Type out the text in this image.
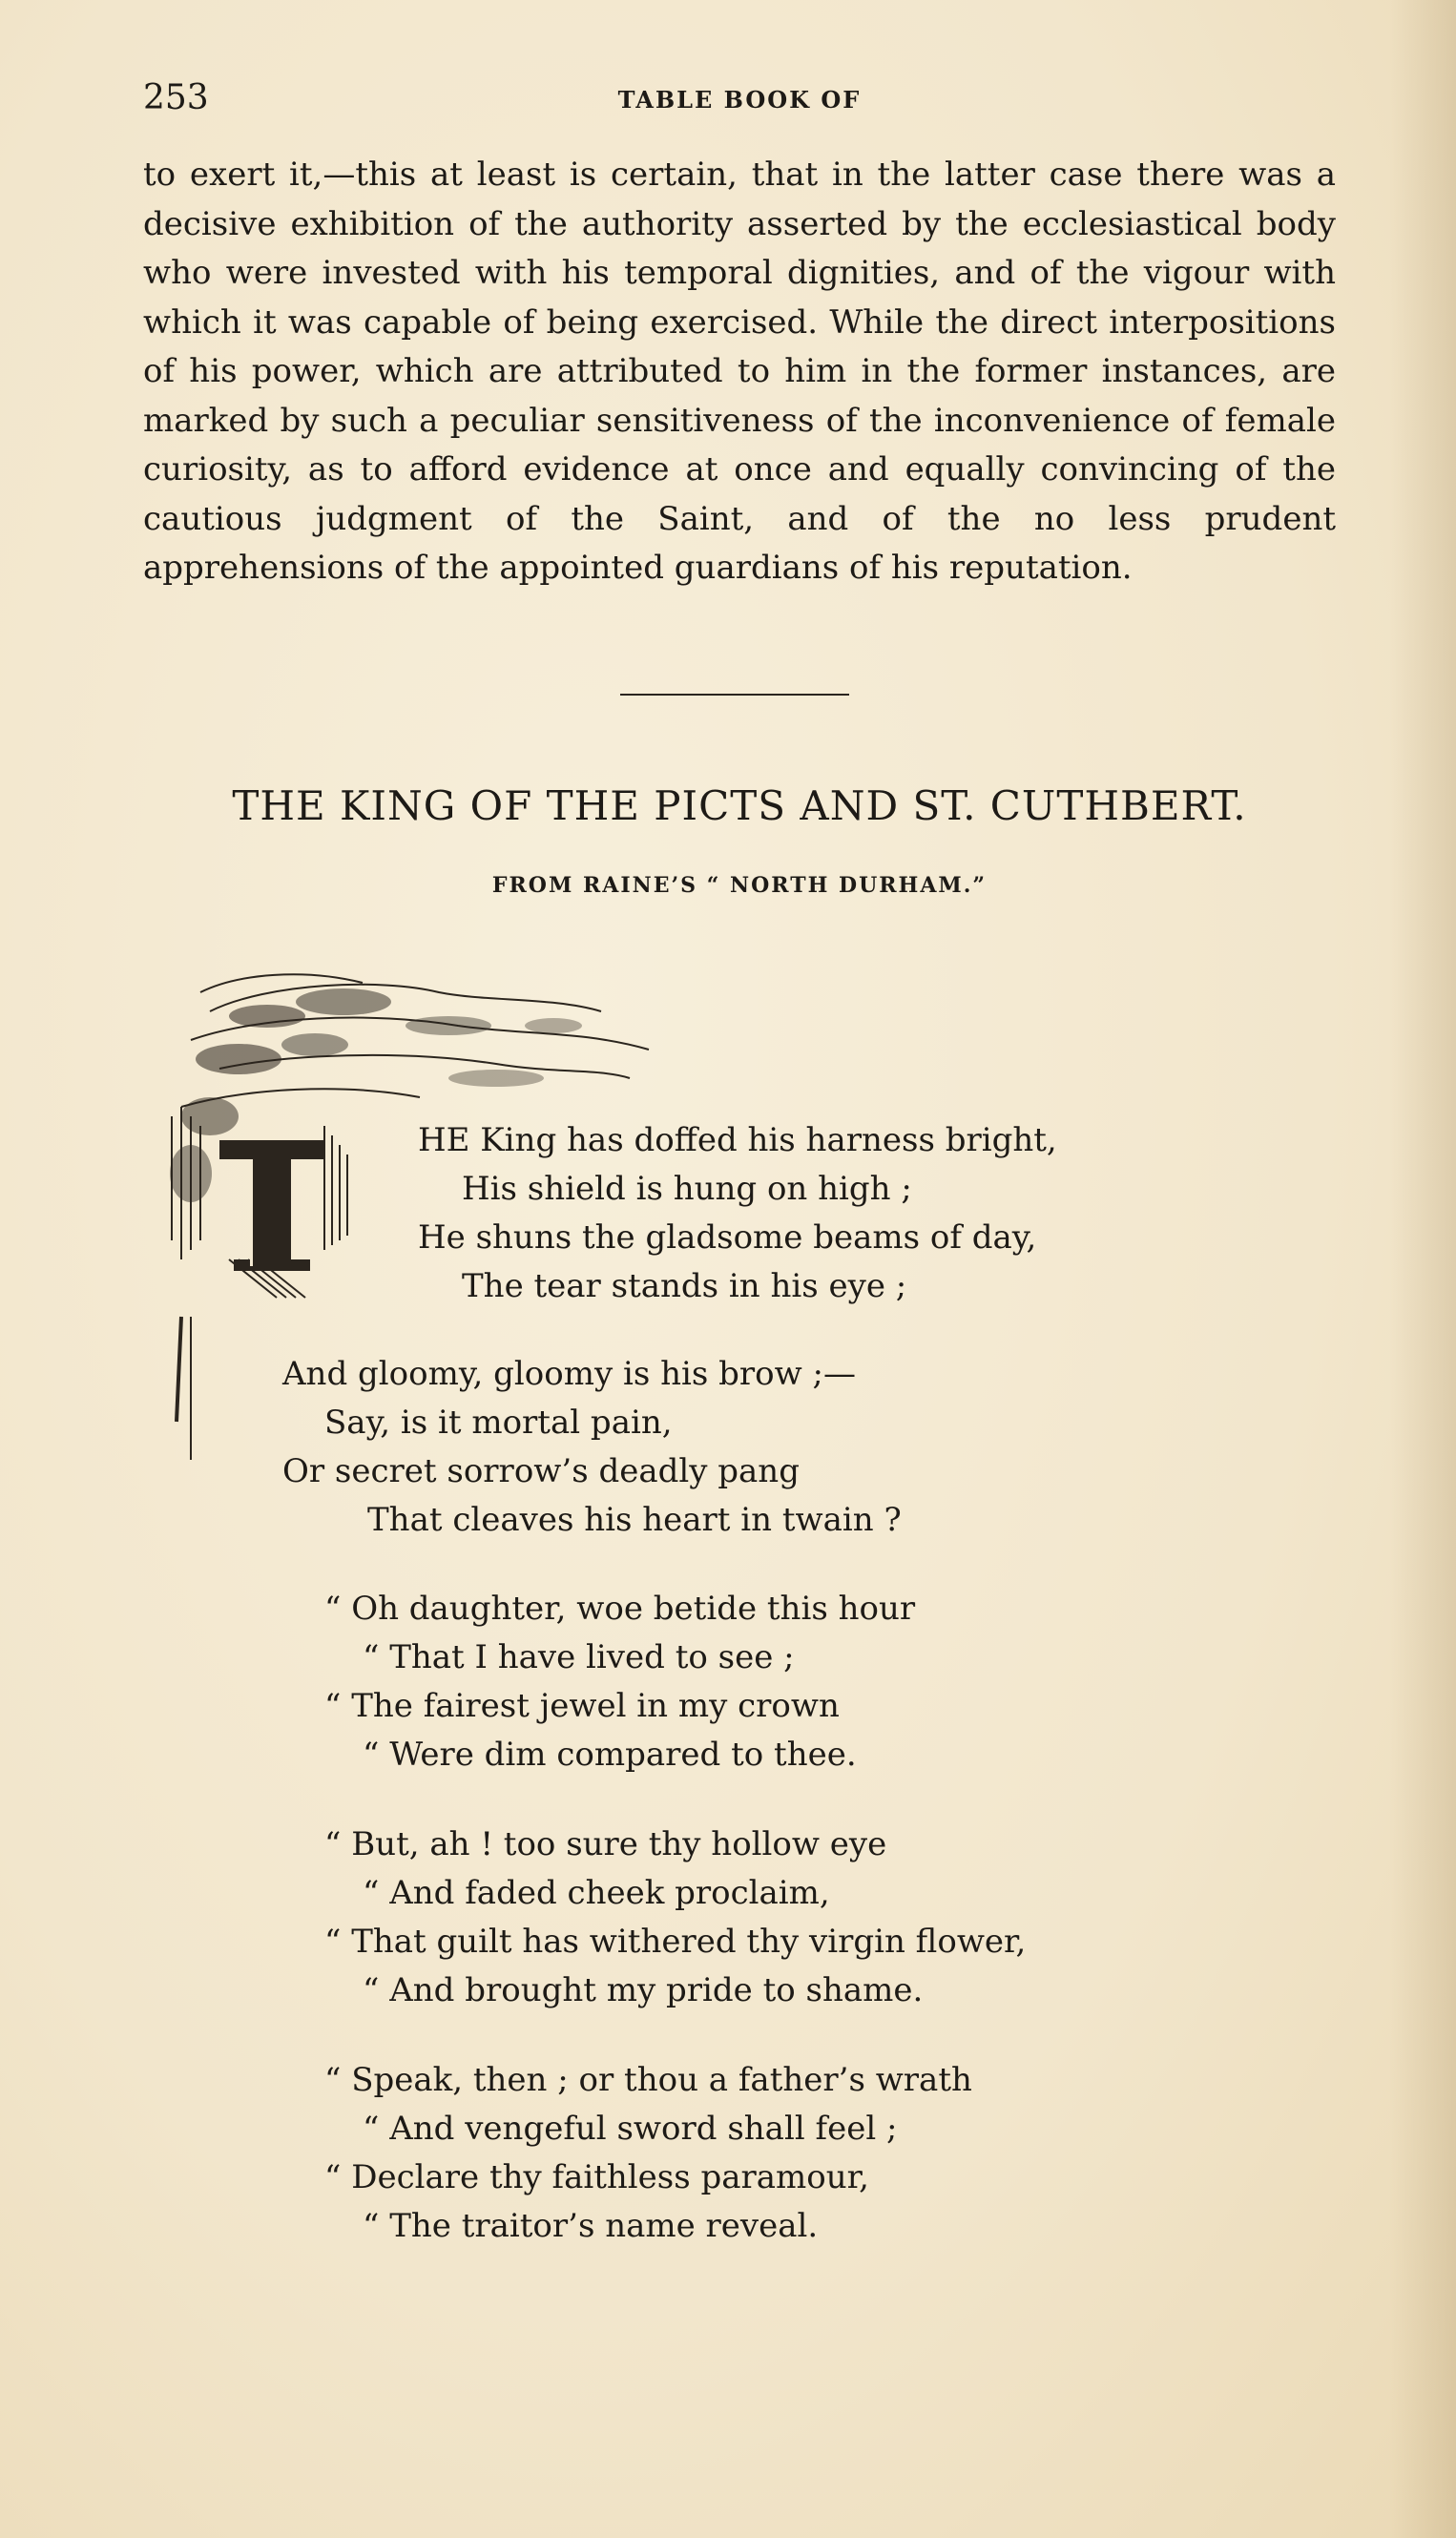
253	TABLE BOOK OF

to exert it,—this at least is certain, that in the latter case there was a decisive exhibition of the authority asserted by the ecclesiastical body who were invested with his temporal dignities, and of the vigour with which it was capable of being exercised. While the direct interpositions of his power, which are attributed to him in the former instances, are marked by such a peculiar sensitiveness of the inconvenience of female curiosity, as to afford evidence at once and equally convincing of the cautious judgment of the Saint, and of the no less prudent apprehensions of the appointed guardians of his reputation.

THE KING OF THE PICTS AND ST. CUTHBERT.
FROM RAINE’S “ NORTH DURHAM.”
HE King has doffed his harness bright,
His shield is hung on high ;
He shuns the gladsome beams of day,
The tear stands in his eye ;
And gloomy, gloomy is his brow ;—
Say, is it mortal pain,
Or secret sorrow’s deadly pang
That cleaves his heart in twain ?
“ Oh daughter, woe betide this hour
“ That I have lived to see ;
“ The fairest jewel in my crown
“ Were dim compared to thee.
“ But, ah ! too sure thy hollow eye
“ And faded cheek proclaim,
“ That guilt has withered thy virgin flower,
“ And brought my pride to shame.
“ Speak, then ; or thou a father’s wrath
“ And vengeful sword shall feel ;
“ Declare thy faithless paramour,
“ The traitor’s name reveal.
